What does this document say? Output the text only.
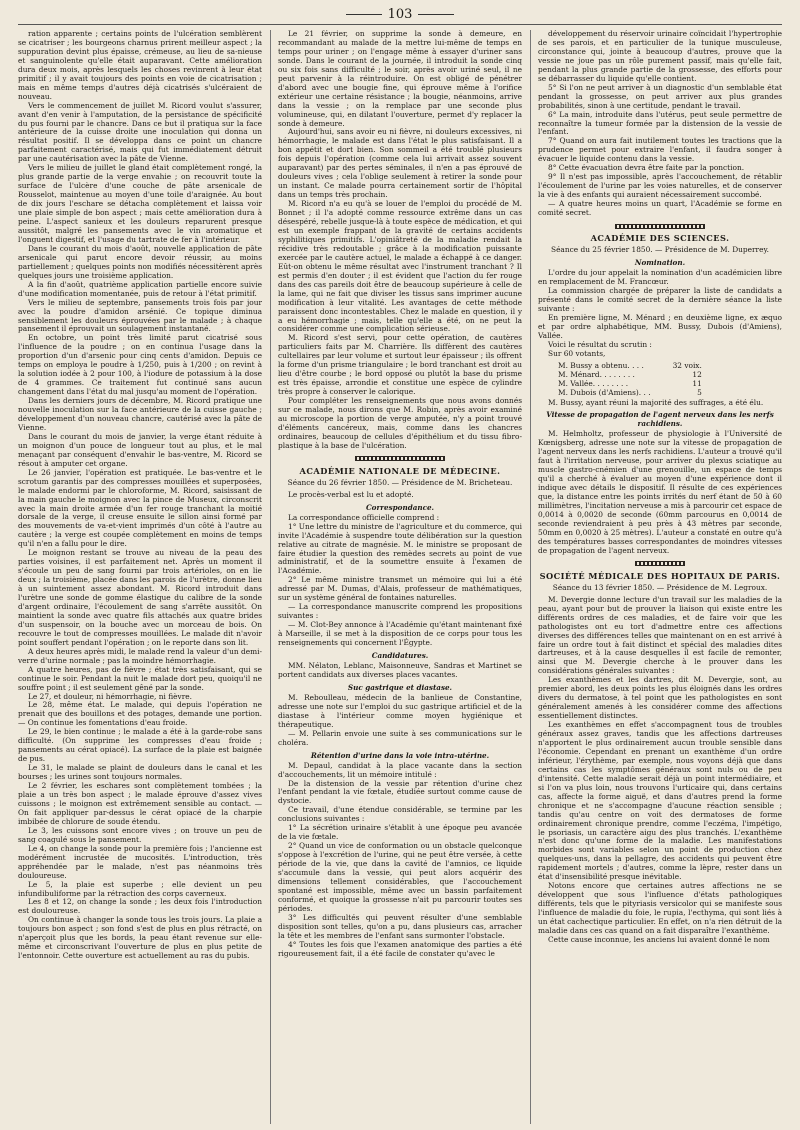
103

ration apparente ; certains points de l'ulcération semblèrent se cicatriser ; les bourgeons charnus prirent meilleur aspect ; la suppuration devint plus épaisse, crémeuse, au lieu de sa-nieuse et sanguinolente qu'elle était auparavant. Cette amélioration dura deux mois, après lesquels les choses revinrent à leur état primitif ; il y avait toujours des points en voie de cicatrisation ; mais en même temps d'autres déjà cicatrisés s'ulcéraient de nouveau.

Vers le commencement de juillet M. Ricord voulut s'assurer, avant d'en venir à l'amputation, de la persistance de spécificité du pus fourni par le chancre. Dans ce but il pratiqua sur la face antérieure de la cuisse droite une inoculation qui donna un résultat positif. Il se développa dans ce point un chancre parfaitement caractérisé, mais qui fut immédiatement détruit par une cautérisation avec la pâte de Vienne.

Vers le milieu de juillet le gland était complètement rongé, la plus grande partie de la verge envahie ; on recouvrit toute la surface de l'ulcère d'une couche de pâte arsenicale de Rousselot, maintenue au moyen d'une toile d'araignée. Au bout de dix jours l'eschare se détacha complètement et laissa voir une plaie simple de bon aspect ; mais cette amélioration dura à peine. L'aspect sanieux et les douleurs reparurent presque aussitôt, malgré les pansements avec le vin aromatique et l'onguent digestif, et l'usage du tartrate de fer à l'intérieur.

Dans le courant du mois d'août, nouvelle application de pâte arsenicale qui parut encore devoir réussir, au moins partiellement ; quelques points non modifiés nécessitèrent après quelques jours une troisième application.

A la fin d'août, quatrième application partielle encore suivie d'une modification momentanée, puis de retour à l'état primitif.

Vers le milieu de septembre, pansements trois fois par jour avec la poudre d'amidon arsénié. Ce topique diminua sensiblement les douleurs éprouvées par le malade ; à chaque pansement il éprouvait un soulagement instantané.

En octobre, un point très limité parut cicatrisé sous l'influence de la poudre ; on en continua l'usage dans la proportion d'un d'arsenic pour cinq cents d'amidon. Depuis ce temps on employa le poudre à 1/250, puis à 1/200 ; on revint à la solution iodée à 2 pour 100, à l'iodure de potassium à la dose de 4 grammes. Ce traitement fut continué sans aucun changement dans l'état du mal jusqu'au moment de l'opération.

Dans les derniers jours de décembre, M. Ricord pratique une nouvelle inoculation sur la face antérieure de la cuisse gauche ; développement d'un nouveau chancre, cautérisé avec la pâte de Vienne.

Dans le courant du mois de janvier, la verge étant réduite à un moignon d'un pouce de longueur tout au plus, et le mal menaçant par conséquent d'envahir le bas-ventre, M. Ricord se résout à amputer cet organe.

Le 26 janvier, l'opération est pratiquée. Le bas-ventre et le scrotum garantis par des compresses mouillées et superposées, le malade endormi par le chloroforme, M. Ricord, saisissant de la main gauche le moignon avec la pince de Museux, circonscrit avec la main droite armée d'un fer rouge tranchant la moitié dorsale de la verge, il creuse ensuite le sillon ainsi formé par des mouvements de va-et-vient imprimés d'un côté à l'autre au cautère ; la verge est coupée complètement en moins de temps qu'il n'en a fallu pour le dire.

Le moignon restant se trouve au niveau de la peau des parties voisines, il est parfaitement net. Après un moment il s'écoule un peu de sang fourni par trois artérioles, on en lie deux ; la troisième, placée dans les parois de l'urètre, donne lieu à un suintement assez abondant. M. Ricord introduit dans l'urètre une sonde de gomme élastique du calibre de la sonde d'argent ordinaire, l'écoulement de sang s'arrête aussitôt. On maintient la sonde avec quatre fils attachés aux quatre brides d'un suspensoir, on la bouche avec un morceau de bois. On recouvre le tout de compresses mouillées. Le malade dit n'avoir point souffert pendant l'opération ; on le reporte dans son lit.

A deux heures après midi, le malade rend la valeur d'un demi-verre d'urine normale ; pas la moindre hémorrhagie.

A quatre heures, pas de fièvre ; état très satisfaisant, qui se continue le soir. Pendant la nuit le malade dort peu, quoiqu'il ne souffre point ; il est seulement gêné par la sonde.

Le 27, et douleur, ni hémorrhagie, ni fièvre.

Le 28, même état. Le malade, qui depuis l'opération ne prenait que des bouillons et des potages, demande une portion. — On continue les fomentations d'eau froide.

Le 29, le bien continue ; le malade a été à la garde-robe sans difficulté. (On supprime les compresses d'eau froide ; pansements au cérat opiacé). La surface de la plaie est baignée de pus.

Le 31, le malade se plaint de douleurs dans le canal et les bourses ; les urines sont toujours normales.

Le 2 février, les eschares sont complètement tombées ; la plaie a un très bon aspect ; le malade éprouve d'assez vives cuissons ; le moignon est extrêmement sensible au contact. — On fait appliquer par-dessus le cérat opiacé de la charpie imbibée de chlorure de soude étendu.

Le 3, les cuissons sont encore vives ; on trouve un peu de sang coagulé sous le pansement.

Le 4, on change la sonde pour la première fois ; l'ancienne est modérément incrustée de mucosités. L'introduction, très appréhendée par le malade, n'est pas néanmoins très douloureuse.

Le 5, la plaie est superbe ; elle devient un peu infundibuliforme par la rétraction des corps caverneux.

Les 8 et 12, on change la sonde ; les deux fois l'introduction est douloureuse.

On continue à changer la sonde tous les trois jours. La plaie a toujours bon aspect ; son fond s'est de plus en plus rétracté, on n'aperçoit plus que les bords, la peau étant revenue sur elle-même et circonscrivant l'ouverture de plus en plus petite de l'entonnoir. Cette ouverture est actuellement au ras du pubis.

Le 21 février, on supprime la sonde à demeure, en recommandant au malade de la mettre lui-même de temps en temps pour uriner ; on l'engage même à essayer d'uriner sans sonde. Dans le courant de la journée, il introduit la sonde cinq ou six fois sans difficulté ; le soir, après avoir uriné seul, il ne peut parvenir à la réintroduire. On est obligé de pénétrer d'abord avec une bougie fine, qui éprouve même à l'orifice extérieur une certaine résistance ; la bougie, néanmoins, arrive dans la vessie ; on la remplace par une seconde plus volumineuse, qui, en dilatant l'ouverture, permet d'y replacer la sonde à demeure.

Aujourd'hui, sans avoir eu ni fièvre, ni douleurs excessives, ni hémorrhagie, le malade est dans l'état le plus satisfaisant. Il a bon appétit et dort bien. Son sommeil a été troublé plusieurs fois depuis l'opération (comme cela lui arrivait assez souvent auparavant) par des pertes séminales, il n'en a pas éprouvé de douleurs vives ; cela l'oblige seulement à retirer la sonde pour un instant. Ce malade pourra certainement sortir de l'hôpital dans un temps très prochain.

M. Ricord n'a eu qu'à se louer de l'emploi du procédé de M. Bonnet ; il l'a adopté comme ressource extrême dans un cas désespéré, rebelle jusque-là à toute espèce de médication, et qui est un exemple frappant de la gravité de certains accidents syphilitiques primitifs. L'opiniâtreté de la maladie rendait la récidive très redoutable ; grâce à la modification puissante exercée par le cautère actuel, le malade a échappé à ce danger. Eût-on obtenu le même résultat avec l'instrument tranchant ? Il est permis d'en douter ; il est évident que l'action du fer rouge dans des cas pareils doit être de beaucoup supérieure à celle de la lame, qui ne fait que diviser les tissus sans imprimer aucune modification à leur vitalité. Les avantages de cette méthode paraissent donc incontestables. Chez le malade en question, il y a eu hémorrhagie ; mais, telle qu'elle a été, on ne peut la considérer comme une complication sérieuse.

M. Ricord s'est servi, pour cette opération, de cautères particuliers faits par M. Charrière. Ils diffèrent des cautères cultellaires par leur volume et surtout leur épaisseur ; ils offrent la forme d'un prisme triangulaire ; le bord tranchant est droit au lieu d'être courbe ; le bord opposé ou plutôt la base du prisme est très épaisse, arrondie et constitue une espèce de cylindre très propre à conserver le calorique.

Pour compléter les renseignements que nous avons donnés sur ce malade, nous dirons que M. Robin, après avoir examiné au microscope la portion de verge amputée, n'y a point trouvé d'éléments cancéreux, mais, comme dans les chancres ordinaires, beaucoup de cellules d'épithélium et du tissu fibro-plastique à la base de l'ulcération.

ACADÉMIE NATIONALE DE MÉDECINE.

Séance du 26 février 1850. — Présidence de M. Bricheteau.

Le procès-verbal est lu et adopté.

Correspondance.

La correspondance officielle comprend :

1° Une lettre du ministre de l'agriculture et du commerce, qui invite l'Académie à suspendre toute délibération sur la question relative au citrate de magnésie. M. le ministre se proposant de faire étudier la question des remèdes secrets au point de vue administratif, et de la soumettre ensuite à l'examen de l'Académie.

2° Le même ministre transmet un mémoire qui lui a été adressé par M. Dumas, d'Alais, professeur de mathématiques, sur un système général de fontaines naturelles.

— La correspondance manuscrite comprend les propositions suivantes :

— M. Clot-Bey annonce à l'Académie qu'étant maintenant fixé à Marseille, il se met à la disposition de ce corps pour tous les renseignements qui concernent l'Égypte.

Candidatures.

MM. Nélaton, Leblanc, Maisonneuve, Sandras et Martinet se portent candidats aux diverses places vacantes.

Suc gastrique et diastase.

M. Reboulleau, médecin de la banlieue de Constantine, adresse une note sur l'emploi du suc gastrique artificiel et de la diastase à l'intérieur comme moyen hygiénique et thérapeutique.

— M. Pellarin envoie une suite à ses communications sur le choléra.

Rétention d'urine dans la voie intra-utérine.

M. Depaul, candidat à la place vacante dans la section d'accouchements, lit un mémoire intitulé :

De la distension de la vessie par rétention d'urine chez l'enfant pendant la vie fœtale, étudiée surtout comme cause de dystocie.

Ce travail, d'une étendue considérable, se termine par les conclusions suivantes :

1° La sécrétion urinaire s'établit à une époque peu avancée de la vie fœtale.

2° Quand un vice de conformation ou un obstacle quelconque s'oppose à l'excrétion de l'urine, qui ne peut être versée, à cette période de la vie, que dans la cavité de l'amnios, ce liquide s'accumule dans la vessie, qui peut alors acquérir des dimensions tellement considérables, que l'accouchement spontané est impossible, même avec un bassin parfaitement conformé, et quoique la grossesse n'ait pu parcourir toutes ses périodes.

3° Les difficultés qui peuvent résulter d'une semblable disposition sont telles, qu'on a pu, dans plusieurs cas, arracher la tête et les membres de l'enfant sans surmonter l'obstacle.

4° Toutes les fois que l'examen anatomique des parties a été rigoureusement fait, il a été facile de constater qu'avec le

développement du réservoir urinaire coïncidait l'hypertrophie de ses parois, et en particulier de la tunique musculeuse, circonstance qui, jointe à beaucoup d'autres, prouve que la vessie ne joue pas un rôle purement passif, mais qu'elle fait, pendant la plus grande partie de la grossesse, des efforts pour se débarrasser du liquide qu'elle contient.

5° Si l'on ne peut arriver à un diagnostic d'un semblable état pendant la grossesse, on peut arriver aux plus grandes probabilités, sinon à une certitude, pendant le travail.

6° La main, introduite dans l'utérus, peut seule permettre de reconnaître la tumeur formée par la distension de la vessie de l'enfant.

7° Quand on aura fait inutilement toutes les tractions que la prudence permet pour extraire l'enfant, il faudra songer à évacuer le liquide contenu dans la vessie.

8° Cette évacuation devra être faite par la ponction.

9° Il n'est pas impossible, après l'accouchement, de rétablir l'écoulement de l'urine par les voies naturelles, et de conserver la vie à des enfants qui auraient nécessairement succombé.

— A quatre heures moins un quart, l'Académie se forme en comité secret.

ACADÉMIE DES SCIENCES.

Séance du 25 février 1850. — Présidence de M. Duperrey.

Nomination.

L'ordre du jour appelait la nomination d'un académicien libre en remplacement de M. Francœur.

La commission chargée de préparer la liste de candidats a présenté dans le comité secret de la dernière séance la liste suivante :

En première ligne, M. Ménard ; en deuxième ligne, ex æquo et par ordre alphabétique, MM. Bussy, Dubois (d'Amiens), Vallée.

Voici le résultat du scrutin :

Sur 60 votants,

M. Bussy a obtenu. . . .	32 voix.
M. Ménard. . . . . . . .	12
M. Vallée. . . . . . . .	11
M. Dubois (d'Amiens). . .	5

M. Bussy, ayant réuni la majorité des suffrages, a été élu.

Vitesse de propagation de l'agent nerveux dans les nerfs rachidiens.

M. Helmholtz, professeur de physiologie à l'Université de Kœnigsberg, adresse une note sur la vitesse de propagation de l'agent nerveux dans les nerfs rachidiens. L'auteur a trouvé qu'il faut à l'irritation nerveuse, pour arriver du plexus sciatique au muscle gastro-cnémien d'une grenouille, un espace de temps qu'il a cherché à évaluer au moyen d'une expérience dont il indique avec détails le dispositif. Il résulte de ces expériences que, la distance entre les points irrités du nerf étant de 50 à 60 millimètres, l'incitation nerveuse a mis à parcourir cet espace de 0,0014 à 0,0020 de seconde (60mm parcourus en 0,0014 de seconde reviendraient à peu près à 43 mètres par seconde, 50mm en 0,0020 à 25 mètres). L'auteur a constaté en outre qu'à des températures basses correspondantes de moindres vitesses de propagation de l'agent nerveux.

SOCIÉTÉ MÉDICALE DES HOPITAUX DE PARIS.

Séance du 13 février 1850. — Présidence de M. Legroux.

M. Devergie donne lecture d'un travail sur les maladies de la peau, ayant pour but de prouver la liaison qui existe entre les différents ordres de ces maladies, et de faire voir que les pathologistes ont eu tort d'admettre entre ces affections diverses des différences telles que maintenant on en est arrivé à faire un ordre tout à fait distinct et spécial des maladies dites dartreuses, et à la cause desquelles il est facile de remonter, ainsi que M. Devergie cherche à le prouver dans les considérations générales suivantes :

Les exanthèmes et les dartres, dit M. Devergie, sont, au premier abord, les deux points les plus éloignés dans les ordres divers du dermatose, à tel point que les pathologistes en sont généralement amenés à les considérer comme des affections essentiellement distinctes.

Les exanthèmes en effet s'accompagnent tous de troubles généraux assez graves, tandis que les affections dartreuses n'apportent le plus ordinairement aucun trouble sensible dans l'économie. Cependant en prenant un exanthème d'un ordre inférieur, l'érythème, par exemple, nous voyons déjà que dans certains cas les symptômes généraux sont nuls ou de peu d'intensité. Cette maladie serait déjà un point intermédiaire, et si l'on va plus loin, nous trouvons l'urticaire qui, dans certains cas, affecte la forme aiguë, et dans d'autres prend la forme chronique et ne s'accompagne d'aucune réaction sensible ; tandis qu'au centre on voit des dermatoses de forme ordinairement chronique prendre, comme l'eczéma, l'impétigo, le psoriasis, un caractère aigu des plus tranchés. L'exanthème n'est donc qu'une forme de la maladie. Les manifestations morbides sont variables selon un point de production chez quelques-uns, dans la pellagre, des accidents qui peuvent être rapidement mortels ; d'autres, comme la lèpre, rester dans un état d'insensibilité presque inévitable.

Notons encore que certaines autres affections ne se développent que sous l'influence d'états pathologiques différents, tels que le pityriasis versicolor qui se manifeste sous l'influence de maladie du foie, le rupia, l'ecthyma, qui sont liés à un état cachectique particulier. En effet, on n'a rien détruit de la maladie dans ces cas quand on a fait disparaître l'exanthème.

Cette cause inconnue, les anciens lui avaient donné le nom
